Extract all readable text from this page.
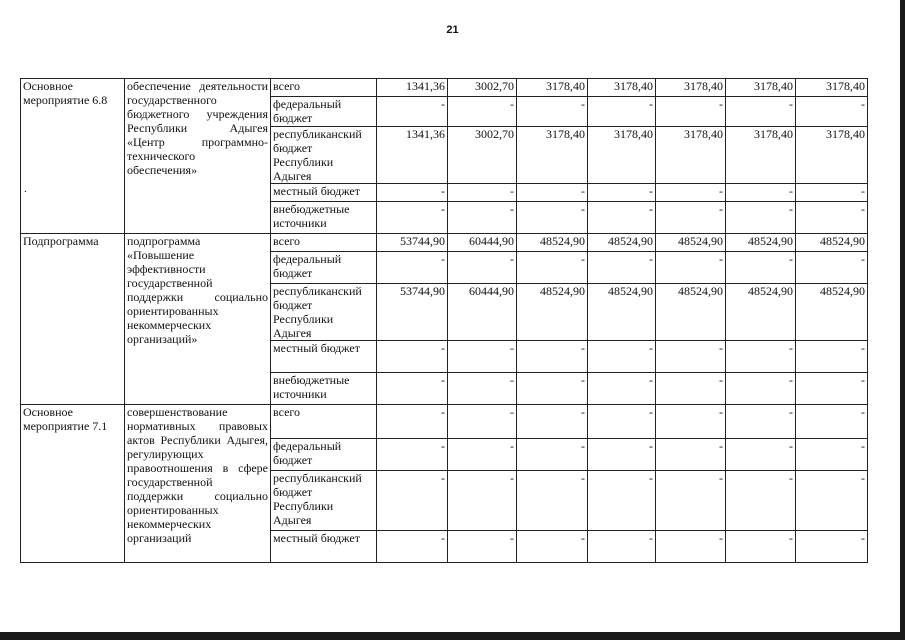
21
Основное мероприятие 6.8	обеспечение деятельности государственного бюджетного учреждения Республики Адыгея «Центр программно-технического обеспечения»	всего	1341,36	3002,70	3178,40	3178,40	3178,40	3178,40	3178,40
		федеральный бюджет	-	-	-	-	-	-	-
		республиканский бюджет Республики Адыгея	1341,36	3002,70	3178,40	3178,40	3178,40	3178,40	3178,40
		местный бюджет	-	-	-	-	-	-	-
		внебюджетные источники	-	-	-	-	-	-	-
Подпрограмма	подпрограмма «Повышение эффективности государственной поддержки социально ориентированных некоммерческих организаций»	всего	53744,90	60444,90	48524,90	48524,90	48524,90	48524,90	48524,90
		федеральный бюджет	-	-	-	-	-	-	-
		республиканский бюджет Республики Адыгея	53744,90	60444,90	48524,90	48524,90	48524,90	48524,90	48524,90
		местный бюджет	-	-	-	-	-	-	-
		внебюджетные источники	-	-	-	-	-	-	-
Основное мероприятие 7.1	совершенствование нормативных правовых актов Республики Адыгея, регулирующих правоотношения в сфере государственной поддержки социально ориентированных некоммерческих организаций	всего	-	-	-	-	-	-	-
		федеральный бюджет	-	-	-	-	-	-	-
		республиканский бюджет Республики Адыгея	-	-	-	-	-	-	-
		местный бюджет	-	-	-	-	-	-	-
.
